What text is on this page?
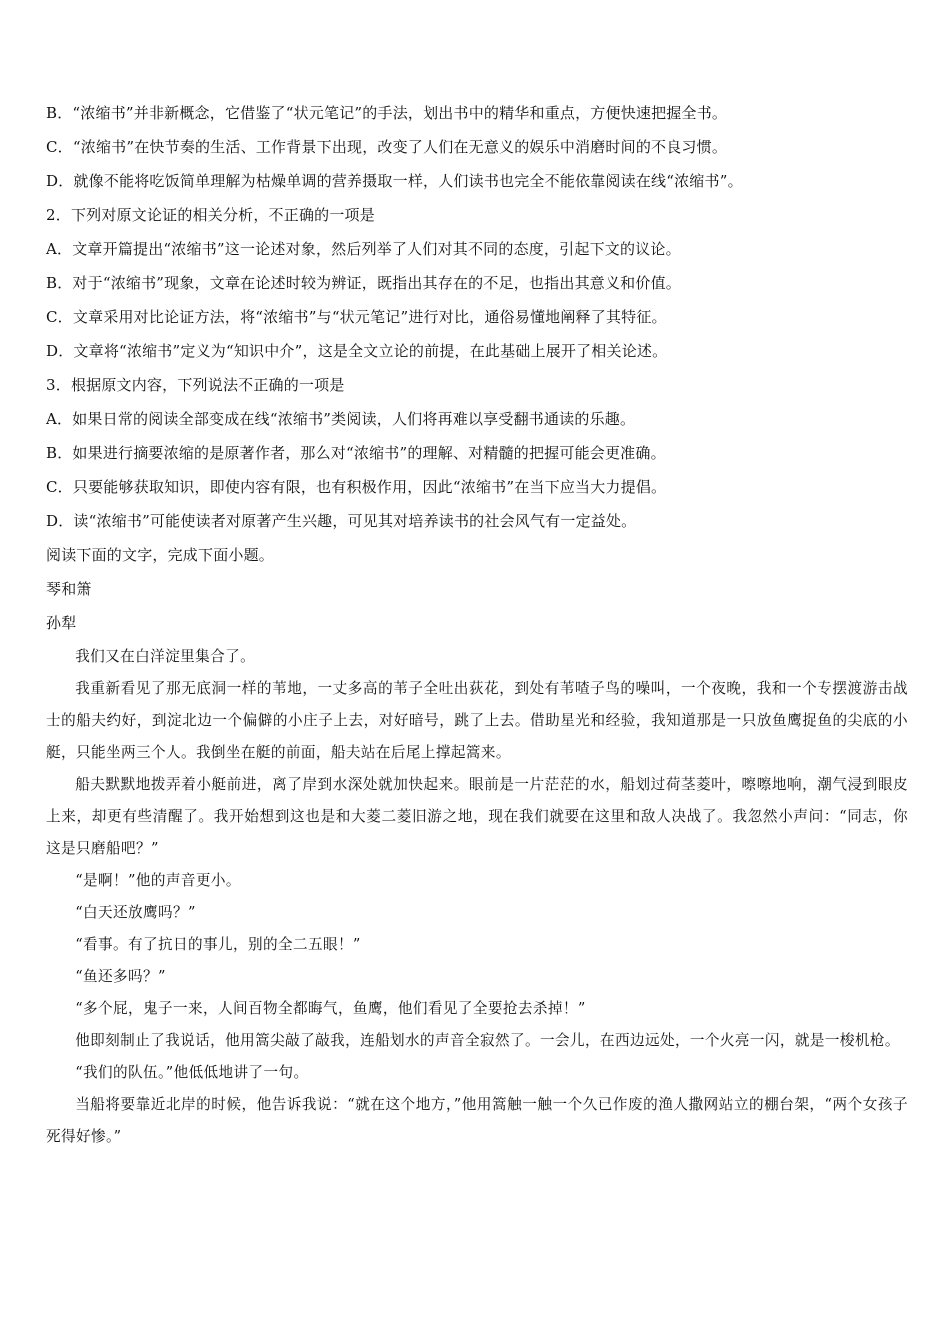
B．“浓缩书”并非新概念，它借鉴了“状元笔记”的手法，划出书中的精华和重点，方便快速把握全书。
C．“浓缩书”在快节奏的生活、工作背景下出现，改变了人们在无意义的娱乐中消磨时间的不良习惯。
D．就像不能将吃饭简单理解为枯燥单调的营养摄取一样，人们读书也完全不能依靠阅读在线“浓缩书”。
2．下列对原文论证的相关分析，不正确的一项是
A．文章开篇提出“浓缩书”这一论述对象，然后列举了人们对其不同的态度，引起下文的议论。
B．对于“浓缩书”现象，文章在论述时较为辨证，既指出其存在的不足，也指出其意义和价值。
C．文章采用对比论证方法，将“浓缩书”与“状元笔记”进行对比，通俗易懂地阐释了其特征。
D．文章将“浓缩书”定义为“知识中介”，这是全文立论的前提，在此基础上展开了相关论述。
3．根据原文内容，下列说法不正确的一项是
A．如果日常的阅读全部变成在线“浓缩书”类阅读，人们将再难以享受翻书通读的乐趣。
B．如果进行摘要浓缩的是原著作者，那么对“浓缩书”的理解、对精髓的把握可能会更准确。
C．只要能够获取知识，即使内容有限，也有积极作用，因此“浓缩书”在当下应当大力提倡。
D．读“浓缩书”可能使读者对原著产生兴趣，可见其对培养读书的社会风气有一定益处。
阅读下面的文字，完成下面小题。
琴和箫
孙犁

我们又在白洋淀里集合了。

我重新看见了那无底洞一样的苇地，一丈多高的苇子全吐出荻花，到处有苇喳子鸟的噪叫，一个夜晚，我和一个专摆渡游击战士的船夫约好，到淀北边一个偏僻的小庄子上去，对好暗号，跳了上去。借助星光和经验，我知道那是一只放鱼鹰捉鱼的尖底的小艇，只能坐两三个人。我倒坐在艇的前面，船夫站在后尾上撑起篙来。

船夫默默地拨弄着小艇前进，离了岸到水深处就加快起来。眼前是一片茫茫的水，船划过荷茎菱叶，嚓嚓地响，潮气浸到眼皮上来，却更有些清醒了。我开始想到这也是和大菱二菱旧游之地，现在我们就要在这里和敌人决战了。我忽然小声问：“同志，你这是只磨船吧？”

“是啊！”他的声音更小。

“白天还放鹰吗？”

“看事。有了抗日的事儿，别的全二五眼！”

“鱼还多吗？”

“多个屁，鬼子一来，人间百物全都晦气，鱼鹰，他们看见了全要抢去杀掉！”

他即刻制止了我说话，他用篙尖敲了敲我，连船划水的声音全寂然了。一会儿，在西边远处，一个火亮一闪，就是一梭机枪。

“我们的队伍。”他低低地讲了一句。

当船将要靠近北岸的时候，他告诉我说：“就在这个地方，”他用篙触一触一个久已作废的渔人撒网站立的棚台架，“两个女孩子死得好惨。”
